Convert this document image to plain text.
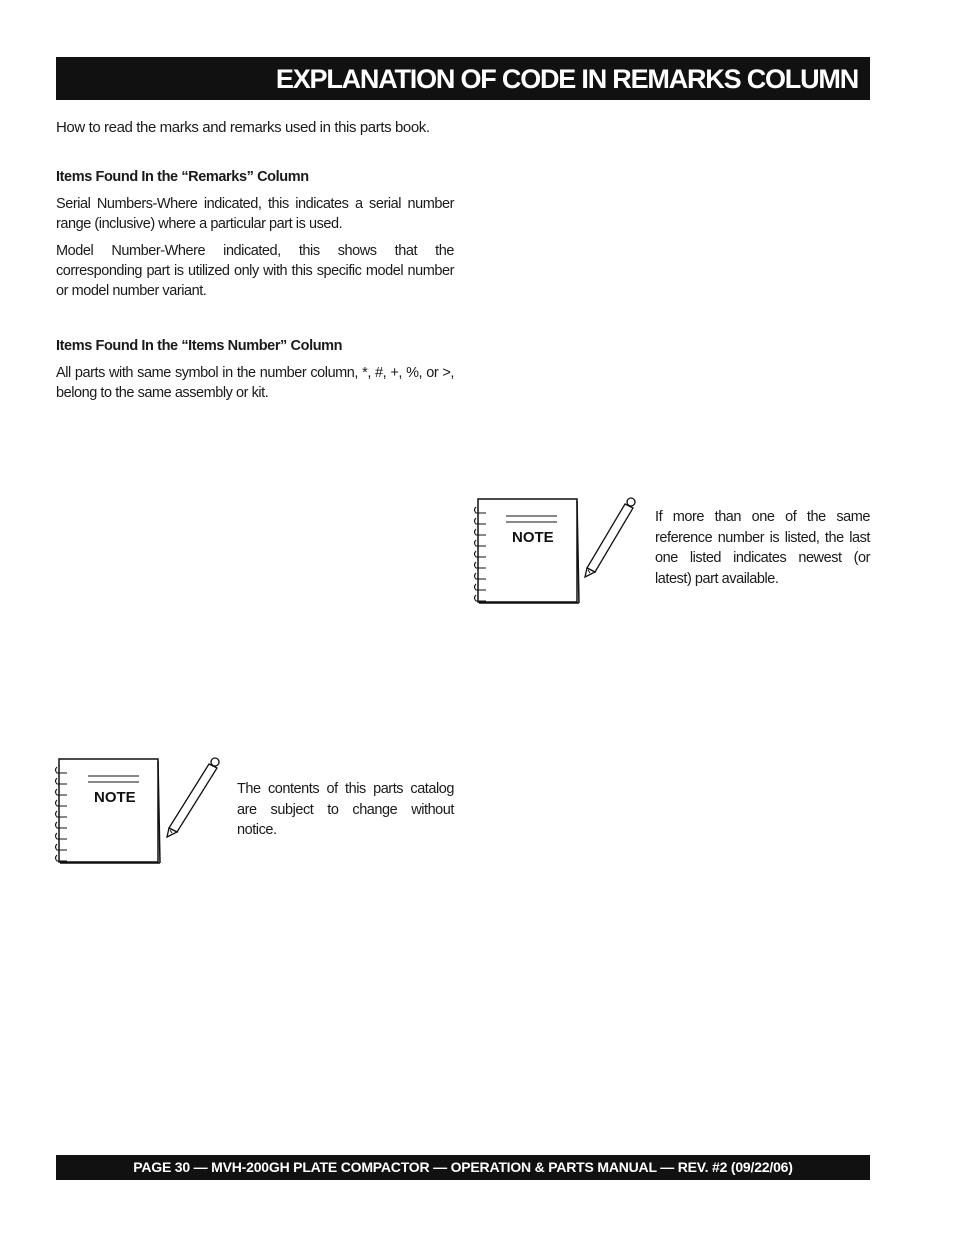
EXPLANATION OF CODE IN REMARKS COLUMN

How to read the marks and remarks used in this parts book.

Items Found In the “Remarks” Column

Serial Numbers-Where indicated, this indicates a serial number range (inclusive) where a particular part is used.

Model Number-Where indicated, this shows that the corresponding part is utilized only with this specific model number or model number variant.

Items Found In the “Items Number” Column

All parts with same symbol in the number column, *, #, +, %, or >, belong to the same assembly or kit.

NOTE

If more than one of the same reference number is listed, the last one listed indicates newest (or latest) part available.

NOTE	The contents of this parts catalog are subject to change without notice.

PAGE 30 — MVH-200GH PLATE COMPACTOR — OPERATION & PARTS MANUAL — REV. #2 (09/22/06)
